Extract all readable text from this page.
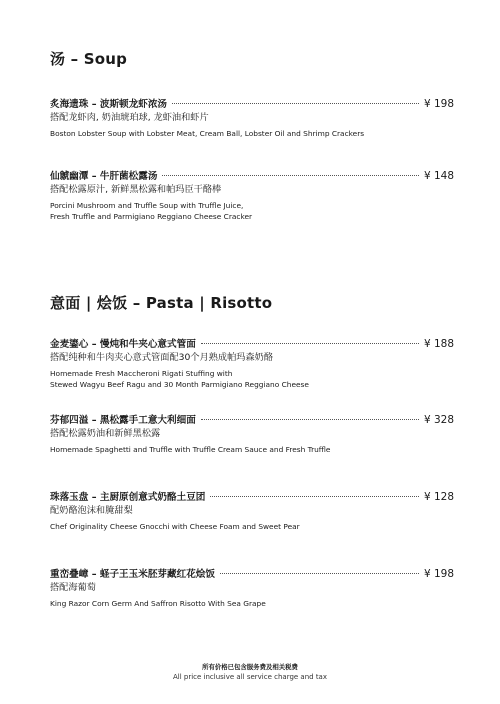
汤 – Soup
炙海遗珠 – 波斯顿龙虾浓汤	¥ 198
搭配龙虾肉, 奶油琥珀球, 龙虾油和虾片
Boston Lobster Soup with Lobster Meat, Cream Ball, Lobster Oil and Shrimp Crackers
仙虩幽潭 – 牛肝菌松露汤	¥ 148
搭配松露原汁, 新鲜黑松露和帕玛臣干酪棒
Porcini Mushroom and Truffle Soup with Truffle Juice,
Fresh Truffle and Parmigiano Reggiano Cheese Cracker
意面 | 烩饭 – Pasta | Risotto
金麦鎏心 – 慢炖和牛夹心意式管面	¥ 188
搭配纯种和牛肉夹心意式管面配30个月熟成帕玛森奶酪
Homemade Fresh Maccheroni Rigati Stuffing with
Stewed Wagyu Beef Ragu and 30 Month Parmigiano Reggiano Cheese
芬郁四溢 – 黑松露手工意大利细面	¥ 328
搭配松露奶油和新鲜黑松露
Homemade Spaghetti and Truffle with Truffle Cream Sauce and Fresh Truffle
珠落玉盘 – 主厨原创意式奶酪土豆团	¥ 128
配奶酪泡沫和腌甜梨
Chef Originality Cheese Gnocchi with Cheese Foam and Sweet Pear
重峦叠嶂 – 蛏子王玉米胚芽藏红花烩饭	¥ 198
搭配海葡萄
King Razor Corn Germ And Saffron Risotto With Sea Grape
所有价格已包含服务费及相关税费
All price inclusive all service charge and tax
